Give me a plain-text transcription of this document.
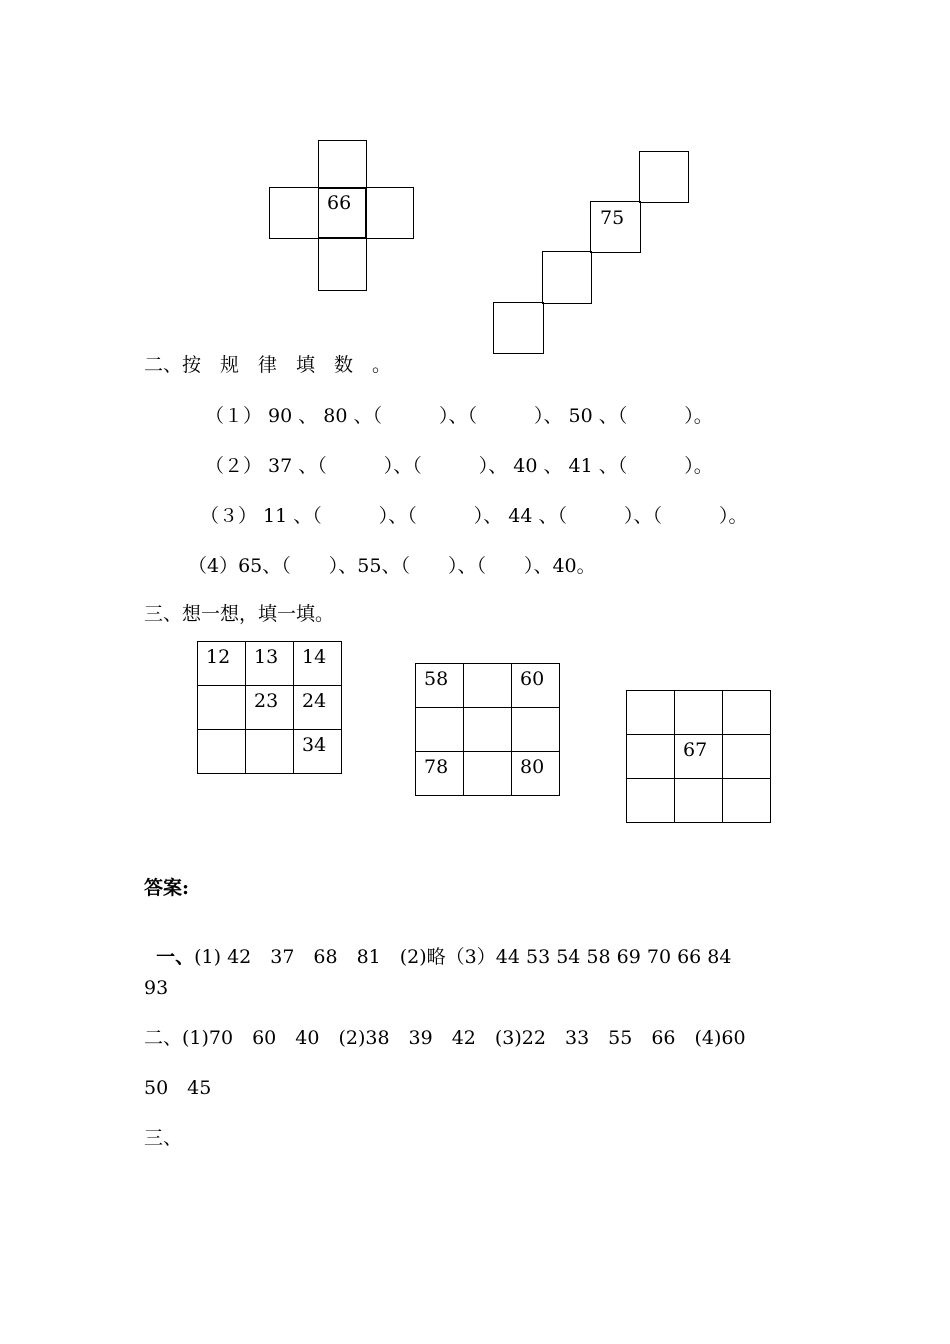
66
75
二、按　规　律　填　数　。
（１） 90 、 80 、（　　　）、（　　　）、 50 、（　　　）。
（２） 37 、（　　　）、（　　　）、 40 、 41 、（　　　）。
（３） 11 、（　　　）、（　　　）、 44 、（　　　）、（　　　）。
（4）65、（　　）、55、（　　）、（　　）、40。
三、想一想，填一填。
12	13	14
	23	24
		34
58		60

78		80

	67	

答案:

一、(1) 42　37　68　81　(2)略（3）44 53 54 58 69 70 66 84

93
二、(1)70　60　40　(2)38　39　42　(3)22　33　55　66　(4)60
50　45
三、
